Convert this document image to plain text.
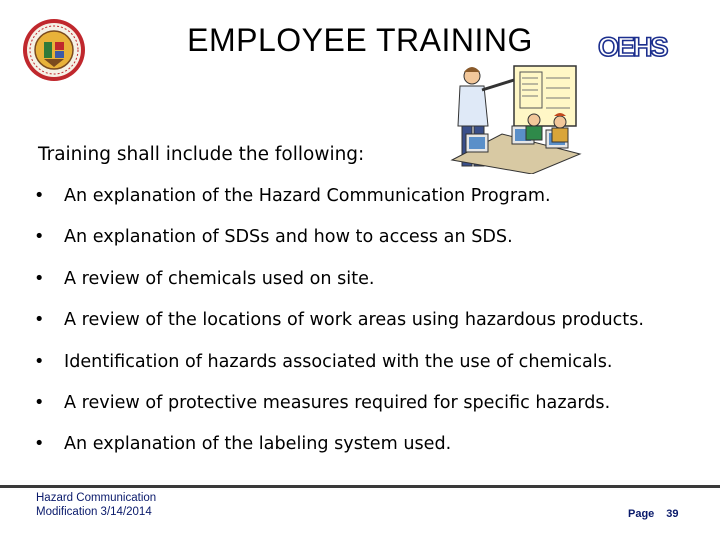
EMPLOYEE TRAINING	OEHS
Training shall include the following:
• An explanation of the Hazard Communication Program.
• An explanation of SDSs and how to access an SDS.
• A review of chemicals used on site.
• A review of the locations of work areas using hazardous products.
• Identification of hazards associated with the use of chemicals.
• A review of protective measures required for specific hazards.
• An explanation of the labeling system used.
Hazard Communication
Modification 3/14/2014	Page 39
